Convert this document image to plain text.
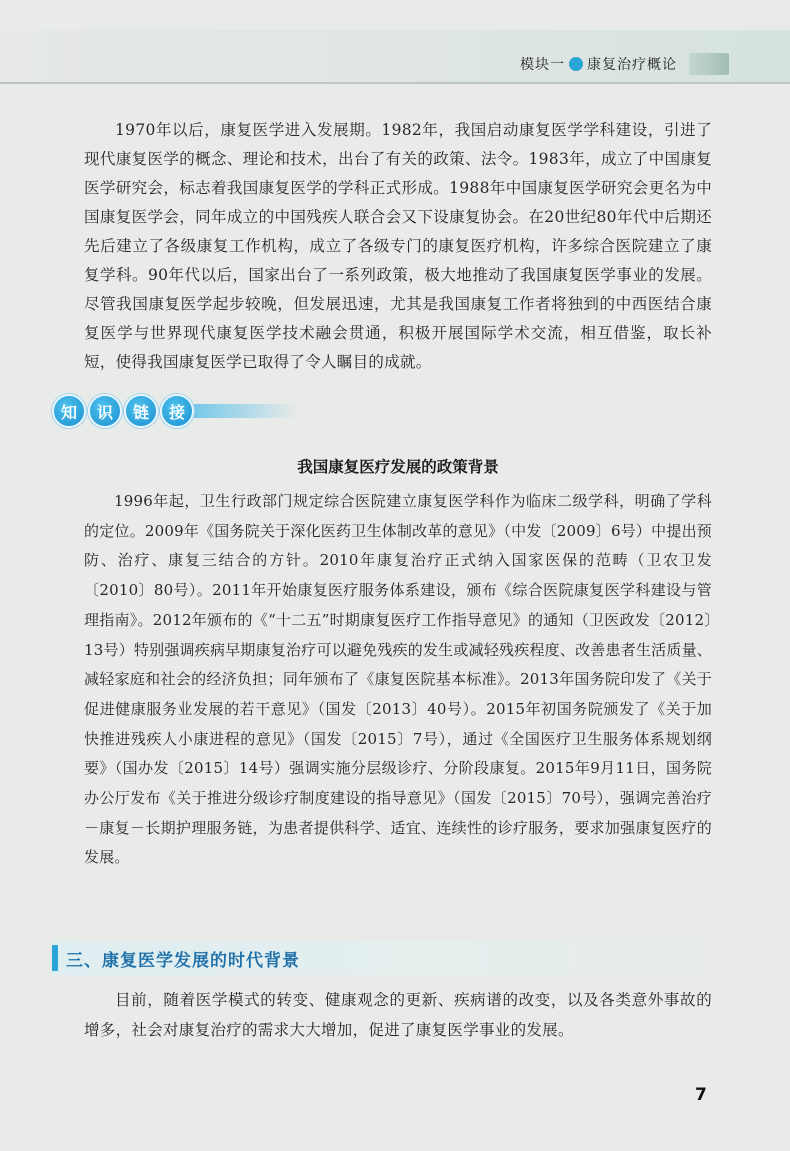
模块一 康复治疗概论

1970年以后，康复医学进入发展期。1982年，我国启动康复医学学科建设，引进了现代康复医学的概念、理论和技术，出台了有关的政策、法令。1983年，成立了中国康复医学研究会，标志着我国康复医学的学科正式形成。1988年中国康复医学研究会更名为中国康复医学会，同年成立的中国残疾人联合会又下设康复协会。在20世纪80年代中后期还先后建立了各级康复工作机构，成立了各级专门的康复医疗机构，许多综合医院建立了康复学科。90年代以后，国家出台了一系列政策，极大地推动了我国康复医学事业的发展。尽管我国康复医学起步较晚，但发展迅速，尤其是我国康复工作者将独到的中西医结合康复医学与世界现代康复医学技术融会贯通，积极开展国际学术交流，相互借鉴，取长补短，使得我国康复医学已取得了令人瞩目的成就。

知	识	链	接
我国康复医疗发展的政策背景

1996年起，卫生行政部门规定综合医院建立康复医学科作为临床二级学科，明确了学科的定位。2009年《国务院关于深化医药卫生体制改革的意见》（中发〔2009〕6号）中提出预防、治疗、康复三结合的方针。2010年康复治疗正式纳入国家医保的范畴（卫农卫发〔2010〕80号）。2011年开始康复医疗服务体系建设，颁布《综合医院康复医学科建设与管理指南》。2012年颁布的《“十二五”时期康复医疗工作指导意见》的通知（卫医政发〔2012〕13号）特别强调疾病早期康复治疗可以避免残疾的发生或减轻残疾程度、改善患者生活质量、减轻家庭和社会的经济负担；同年颁布了《康复医院基本标准》。2013年国务院印发了《关于促进健康服务业发展的若干意见》（国发〔2013〕40号）。2015年初国务院颁发了《关于加快推进残疾人小康进程的意见》（国发〔2015〕7号），通过《全国医疗卫生服务体系规划纲要》（国办发〔2015〕14号）强调实施分层级诊疗、分阶段康复。2015年9月11日，国务院办公厅发布《关于推进分级诊疗制度建设的指导意见》（国发〔2015〕70号），强调完善治疗－康复－长期护理服务链，为患者提供科学、适宜、连续性的诊疗服务，要求加强康复医疗的发展。

三、康复医学发展的时代背景

目前，随着医学模式的转变、健康观念的更新、疾病谱的改变，以及各类意外事故的增多，社会对康复治疗的需求大大增加，促进了康复医学事业的发展。

7
